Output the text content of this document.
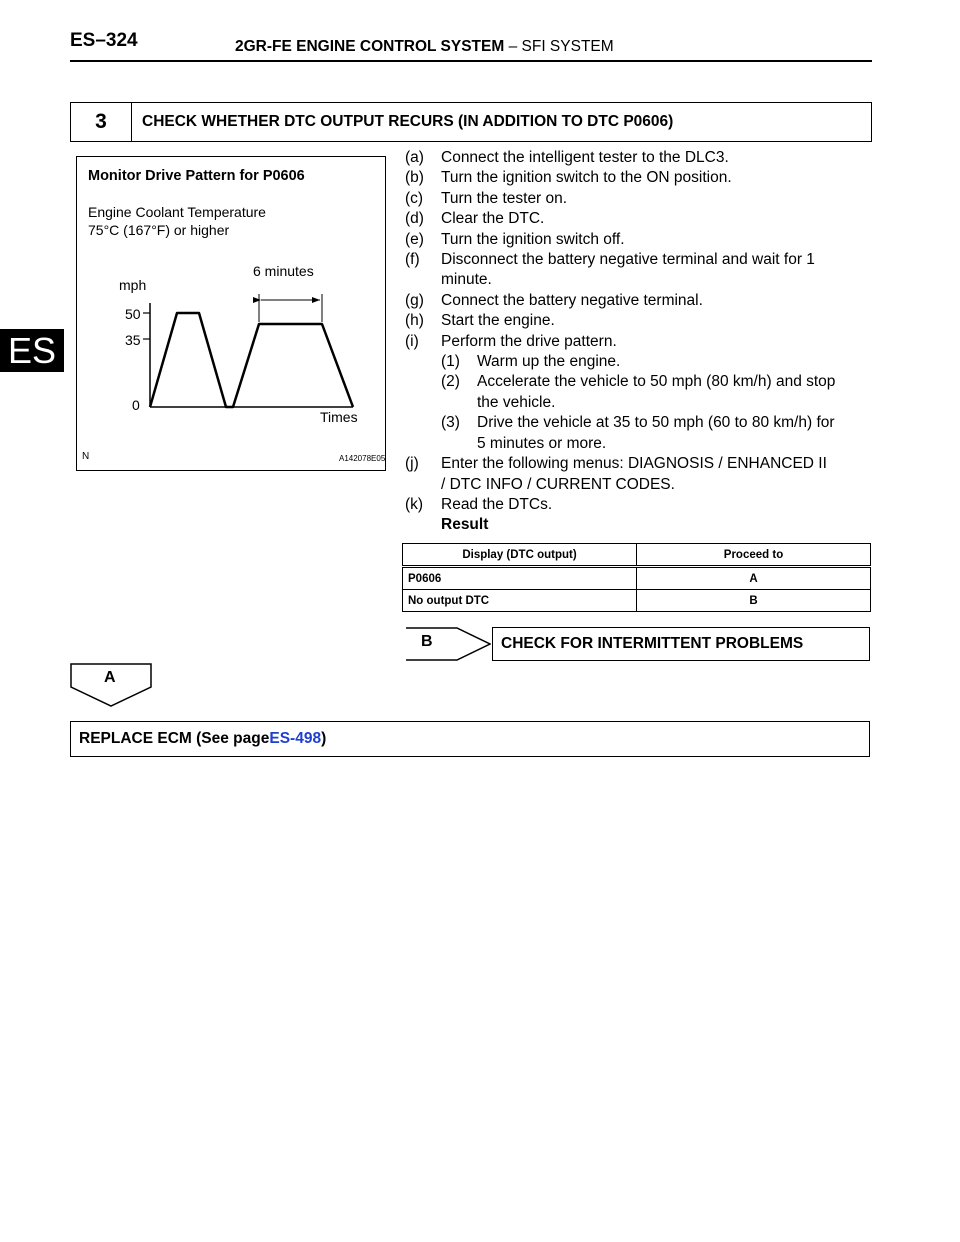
ES–324	2GR-FE ENGINE CONTROL SYSTEM – SFI SYSTEM
ES
3	CHECK WHETHER DTC OUTPUT RECURS (IN ADDITION TO DTC P0606)
Monitor Drive Pattern for P0606
Engine Coolant Temperature
75°C (167°F) or higher
6 minutes
mph
50
35
0
Times
N	A142078E05
(a)	Connect the intelligent tester to the DLC3.
(b)	Turn the ignition switch to the ON position.
(c)	Turn the tester on.
(d)	Clear the DTC.
(e)	Turn the ignition switch off.
(f)	Disconnect the battery negative terminal and wait for 1
minute.
(g)	Connect the battery negative terminal.
(h)	Start the engine.
(i)	Perform the drive pattern.
(1)	Warm up the engine.
(2)	Accelerate the vehicle to 50 mph (80 km/h) and stop
the vehicle.
(3)	Drive the vehicle at 35 to 50 mph (60 to 80 km/h) for
5 minutes or more.
(j)	Enter the following menus: DIAGNOSIS / ENHANCED II
/ DTC INFO / CURRENT CODES.
(k)	Read the DTCs.
Result
Display (DTC output)	Proceed to
P0606	A
No output DTC	B
B	CHECK FOR INTERMITTENT PROBLEMS
A
REPLACE ECM (See page ES-498 )
